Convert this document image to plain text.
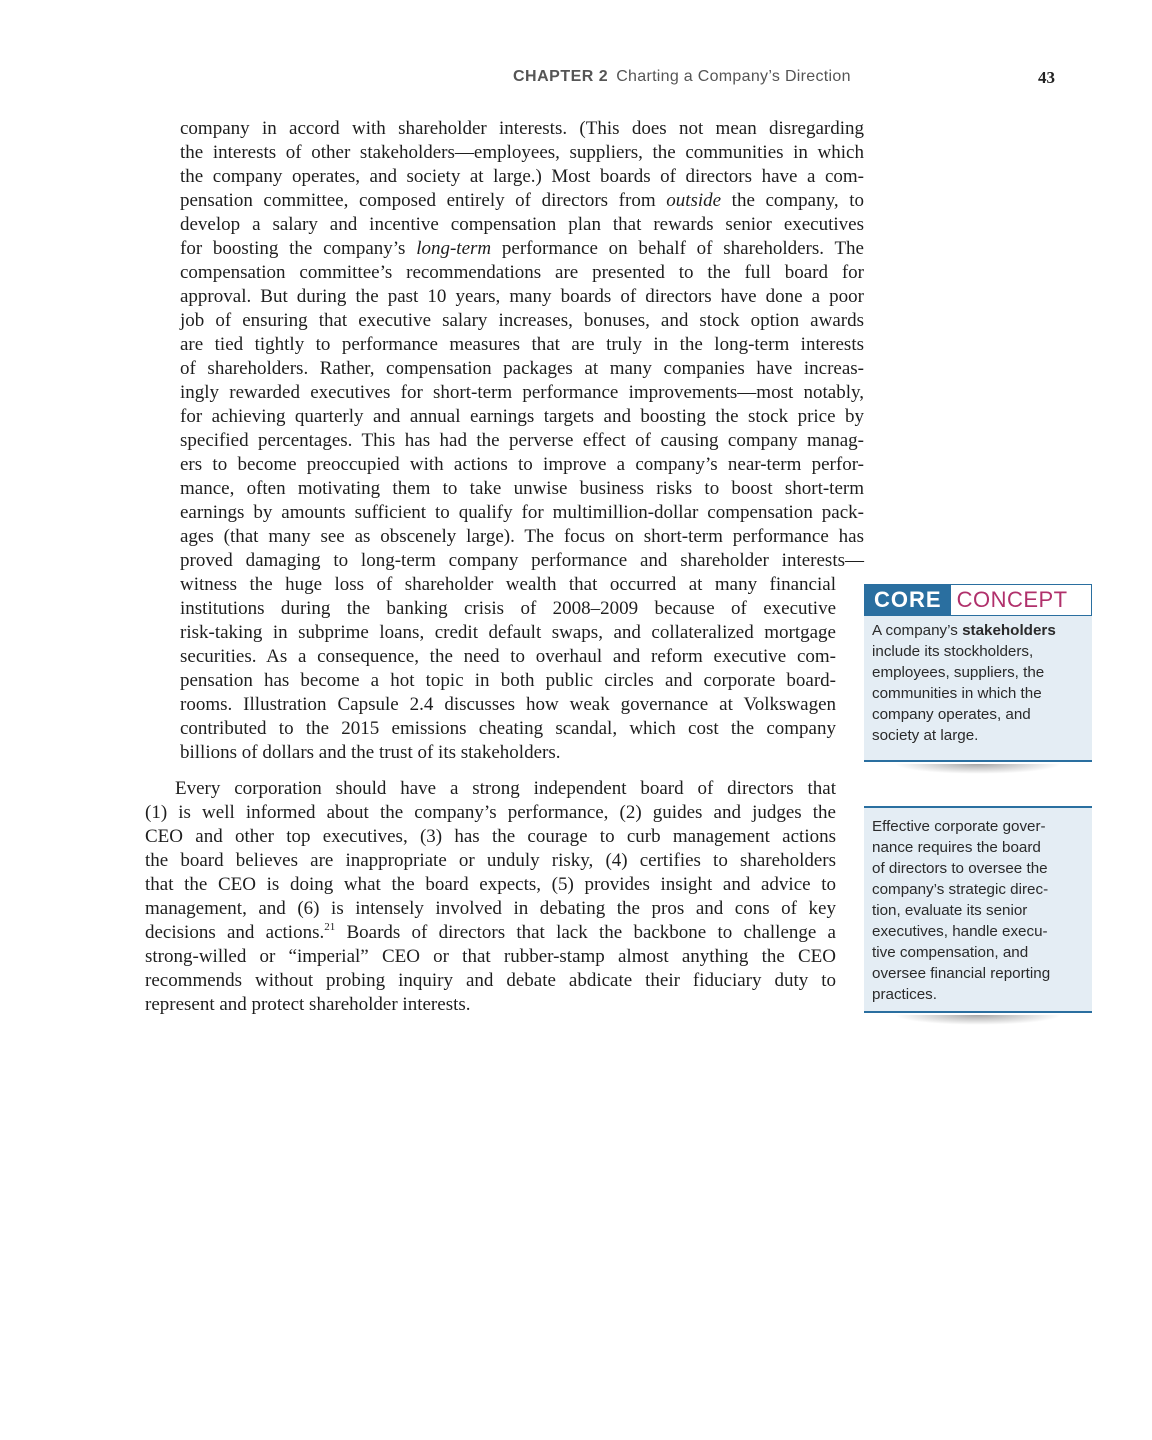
CHAPTER 2 Charting a Company’s Direction	43
company in accord with shareholder interests. (This does not mean disregarding
the interests of other stakeholders—employees, suppliers, the communities in which
the company operates, and society at large.) Most boards of directors have a com-
pensation committee, composed entirely of directors from outside the company, to
develop a salary and incentive compensation plan that rewards senior executives
for boosting the company’s long-term performance on behalf of shareholders. The
compensation committee’s recommendations are presented to the full board for
approval. But during the past 10 years, many boards of directors have done a poor
job of ensuring that executive salary increases, bonuses, and stock option awards
are tied tightly to performance measures that are truly in the long-term interests
of shareholders. Rather, compensation packages at many companies have increas-
ingly rewarded executives for short-term performance improvements—most notably,
for achieving quarterly and annual earnings targets and boosting the stock price by
specified percentages. This has had the perverse effect of causing company manag-
ers to become preoccupied with actions to improve a company’s near-term perfor-
mance, often motivating them to take unwise business risks to boost short-term
earnings by amounts sufficient to qualify for multimillion-dollar compensation pack-
ages (that many see as obscenely large). The focus on short-term performance has
proved damaging to long-term company performance and shareholder interests—
witness the huge loss of shareholder wealth that occurred at many financial
institutions during the banking crisis of 2008–2009 because of executive
risk-taking in subprime loans, credit default swaps, and collateralized mortgage
securities. As a consequence, the need to overhaul and reform executive com-
pensation has become a hot topic in both public circles and corporate board-
rooms. Illustration Capsule 2.4 discusses how weak governance at Volkswagen
contributed to the 2015 emissions cheating scandal, which cost the company
billions of dollars and the trust of its stakeholders.
Every corporation should have a strong independent board of directors that
(1) is well informed about the company’s performance, (2) guides and judges the
CEO and other top executives, (3) has the courage to curb management actions
the board believes are inappropriate or unduly risky, (4) certifies to shareholders
that the CEO is doing what the board expects, (5) provides insight and advice to
management, and (6) is intensely involved in debating the pros and cons of key
decisions and actions.$^{21}$ Boards of directors that lack the backbone to challenge a
strong-willed or “imperial” CEO or that rubber-stamp almost anything the CEO
recommends without probing inquiry and debate abdicate their fiduciary duty to
represent and protect shareholder interests.
CORE CONCEPT
A company’s stakeholders
include its stockholders,
employees, suppliers, the
communities in which the
company operates, and
society at large.
Effective corporate gover-
nance requires the board
of directors to oversee the
company’s strategic direc-
tion, evaluate its senior
executives, handle execu-
tive compensation, and
oversee financial reporting
practices.
